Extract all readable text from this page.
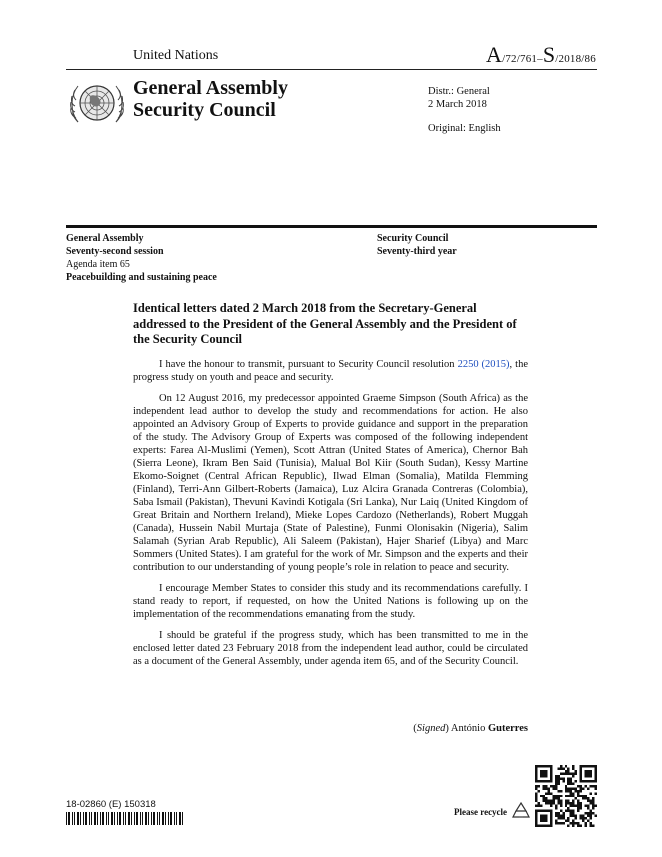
United Nations	A/72/761–S/2018/86
General Assembly
Security Council
Distr.: General
2 March 2018
Original: English
General Assembly
Seventy-second session
Agenda item 65
Peacebuilding and sustaining peace
Security Council
Seventy-third year
Identical letters dated 2 March 2018 from the Secretary-General addressed to the President of the General Assembly and the President of the Security Council

I have the honour to transmit, pursuant to Security Council resolution 2250 (2015), the progress study on youth and peace and security.

On 12 August 2016, my predecessor appointed Graeme Simpson (South Africa) as the independent lead author to develop the study and recommendations for action. He also appointed an Advisory Group of Experts to provide guidance and support in the preparation of the study. The Advisory Group of Experts was composed of the following independent experts: Farea Al-Muslimi (Yemen), Scott Attran (United States of America), Chernor Bah (Sierra Leone), Ikram Ben Said (Tunisia), Malual Bol Kiir (South Sudan), Kessy Martine Ekomo-Soignet (Central African Republic), Ilwad Elman (Somalia), Matilda Flemming (Finland), Terri-Ann Gilbert-Roberts (Jamaica), Luz Alcira Granada Contreras (Colombia), Saba Ismail (Pakistan), Thevuni Kavindi Kotigala (Sri Lanka), Nur Laiq (United Kingdom of Great Britain and Northern Ireland), Mieke Lopes Cardozo (Netherlands), Robert Muggah (Canada), Hussein Nabil Murtaja (State of Palestine), Funmi Olonisakin (Nigeria), Salim Salamah (Syrian Arab Republic), Ali Saleem (Pakistan), Hajer Sharief (Libya) and Marc Sommers (United States). I am grateful for the work of Mr. Simpson and the experts and their contribution to our understanding of young people’s role in relation to peace and security.

I encourage Member States to consider this study and its recommendations carefully. I stand ready to report, if requested, on how the United Nations is following up on the implementation of the recommendations emanating from the study.

I should be grateful if the progress study, which has been transmitted to me in the enclosed letter dated 23 February 2018 from the independent lead author, could be circulated as a document of the General Assembly, under agenda item 65, and of the Security Council.

(Signed) António Guterres
18-02860 (E) 150318
Please recycle
